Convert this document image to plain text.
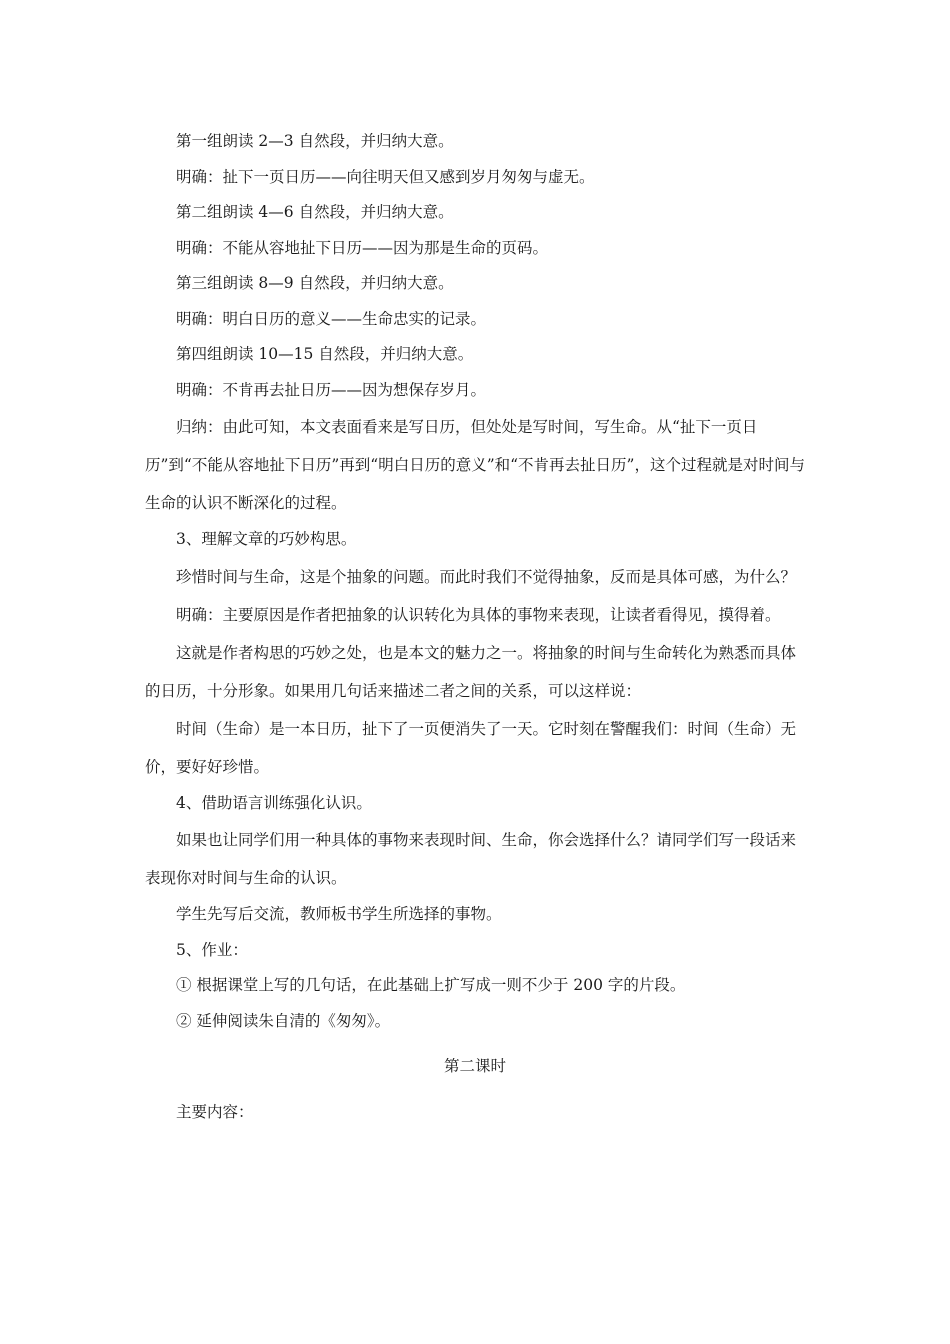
第一组朗读 2—3 自然段，并归纳大意。

明确：扯下一页日历——向往明天但又感到岁月匆匆与虚无。

第二组朗读 4—6 自然段，并归纳大意。

明确：不能从容地扯下日历——因为那是生命的页码。

第三组朗读 8—9 自然段，并归纳大意。

明确：明白日历的意义——生命忠实的记录。

第四组朗读 10—15 自然段，并归纳大意。

明确：不肯再去扯日历——因为想保存岁月。

归纳：由此可知，本文表面看来是写日历，但处处是写时间，写生命。从“扯下一页日历”到“不能从容地扯下日历”再到“明白日历的意义”和“不肯再去扯日历”，这个过程就是对时间与生命的认识不断深化的过程。

3、理解文章的巧妙构思。

珍惜时间与生命，这是个抽象的问题。而此时我们不觉得抽象，反而是具体可感，为什么？

明确：主要原因是作者把抽象的认识转化为具体的事物来表现，让读者看得见，摸得着。

这就是作者构思的巧妙之处，也是本文的魅力之一。将抽象的时间与生命转化为熟悉而具体的日历，十分形象。如果用几句话来描述二者之间的关系，可以这样说：

时间（生命）是一本日历，扯下了一页便消失了一天。它时刻在警醒我们：时间（生命）无价，要好好珍惜。

4、借助语言训练强化认识。

如果也让同学们用一种具体的事物来表现时间、生命，你会选择什么？请同学们写一段话来表现你对时间与生命的认识。

学生先写后交流，教师板书学生所选择的事物。

5、作业：

① 根据课堂上写的几句话，在此基础上扩写成一则不少于 200 字的片段。

② 延伸阅读朱自清的《匆匆》。

第二课时

主要内容：
